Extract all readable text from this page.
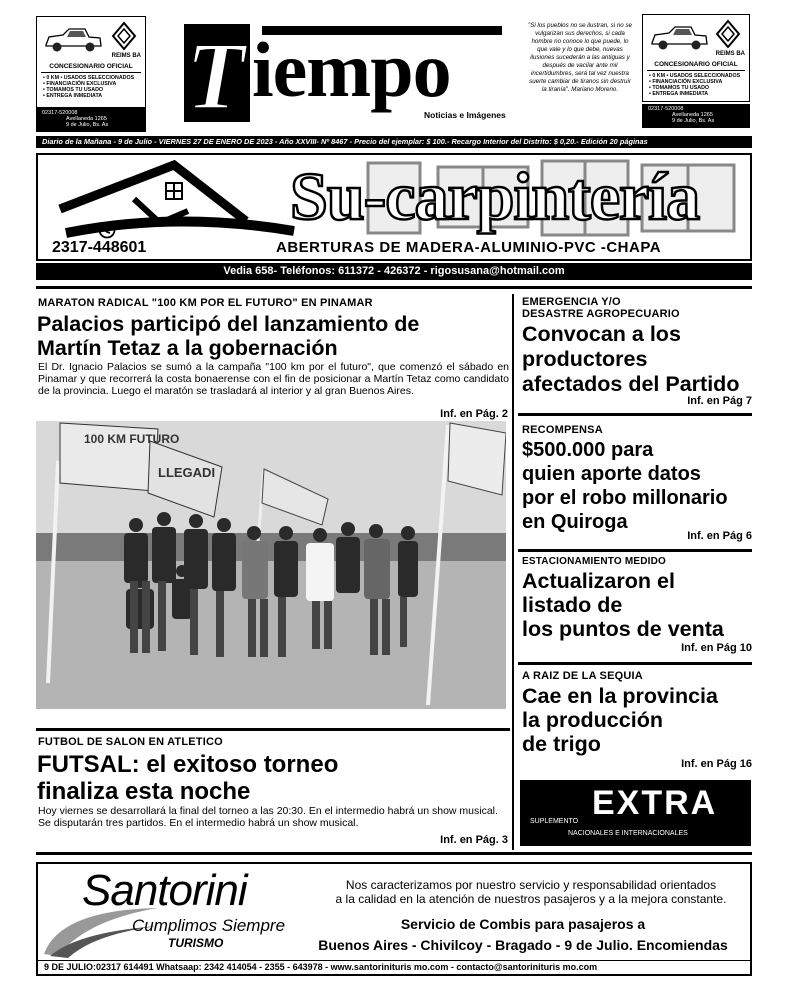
REIMS BA
CONCESIONARIO OFICIAL
• 0 KM • USADOS SELECCIONADOS
• FINANCIACIÓN EXCLUSIVA
• TOMAMOS TU USADO
• ENTREGA INMEDIATA
02317-520008
Avellaneda 1265
9 de Julio, Bs. As
REIMS BA
CONCESIONARIO OFICIAL
• 0 KM • USADOS SELECCIONADOS
• FINANCIACIÓN EXCLUSIVA
• TOMAMOS TU USADO
• ENTREGA INMEDIATA
02317-520008
Avellaneda 1265
9 de Julio, Bs. As
T iempo
Noticias e Imágenes
"Si los pueblos no se ilustran, si no se vulgarizan sus derechos, si cada hombre no conoce lo que puede, lo que vale y lo que debe, nuevas ilusiones sucederán a las antiguas y después de vacilar ante mil incertidumbres, será tal vez nuestra suerte cambiar de tiranos sin destruir la tiranía". Mariano Moreno.
Diario de la Mañana - 9 de Julio - VIERNES 27 DE ENERO DE 2023 - Año XXVIII- Nº 8467 - Precio del ejemplar: $ 100.- Recargo Interior del Distrito: $ 0,20.- Edición 20 páginas
Su-carpintería
2317-448601	ABERTURAS DE MADERA-ALUMINIO-PVC -CHAPA
Vedia 658- Teléfonos: 611372 - 426372 - rigosusana@hotmail.com
MARATON RADICAL "100 KM POR EL FUTURO" EN PINAMAR
Palacios participó del lanzamiento de
Martín Tetaz a la gobernación
El Dr. Ignacio Palacios se sumó a la campaña "100 km por el futuro", que comenzó el sábado en Pinamar y que recorrerá la costa bonaerense con el fin de posicionar a Martín Tetaz como candidato de la provincia. Luego el maratón se trasladará al interior y al gran Buenos Aires.
Inf. en Pág. 2
100 KM FUTURO
LLEGADI
FUTBOL DE SALON EN ATLETICO
FUTSAL: el exitoso torneo
finaliza esta noche
Hoy viernes se desarrollará la final del torneo a las 20:30. En el intermedio habrá un show musical. Se disputarán tres partidos. En el intermedio habrá un show musical.
Inf. en Pág. 3
EMERGENCIA Y/O
DESASTRE AGROPECUARIO
Convocan a los
productores
afectados del Partido
Inf. en Pág 7
RECOMPENSA
$500.000 para
quien aporte datos
por el robo millonario
en Quiroga
Inf. en Pág 6
ESTACIONAMIENTO MEDIDO
Actualizaron el
listado de
los puntos de venta
Inf. en Pág 10
A RAIZ DE LA SEQUIA
Cae en la provincia
la producción
de trigo
Inf. en Pág 16
SUPLEMENTO EXTRA
NACIONALES E INTERNACIONALES
Santorini
Cumplimos Siempre
TURISMO
Nos caracterizamos por nuestro servicio y responsabilidad orientados
a la calidad en la atención de nuestros pasajeros y a la mejora constante.
Servicio de Combis para pasajeros a
Buenos Aires - Chivilcoy - Bragado - 9 de Julio. Encomiendas
9 DE JULIO:02317 614491 Whatsaap: 2342 414054 - 2355 - 643978 - www.santorinituris mo.com - contacto@santorinituris mo.com
